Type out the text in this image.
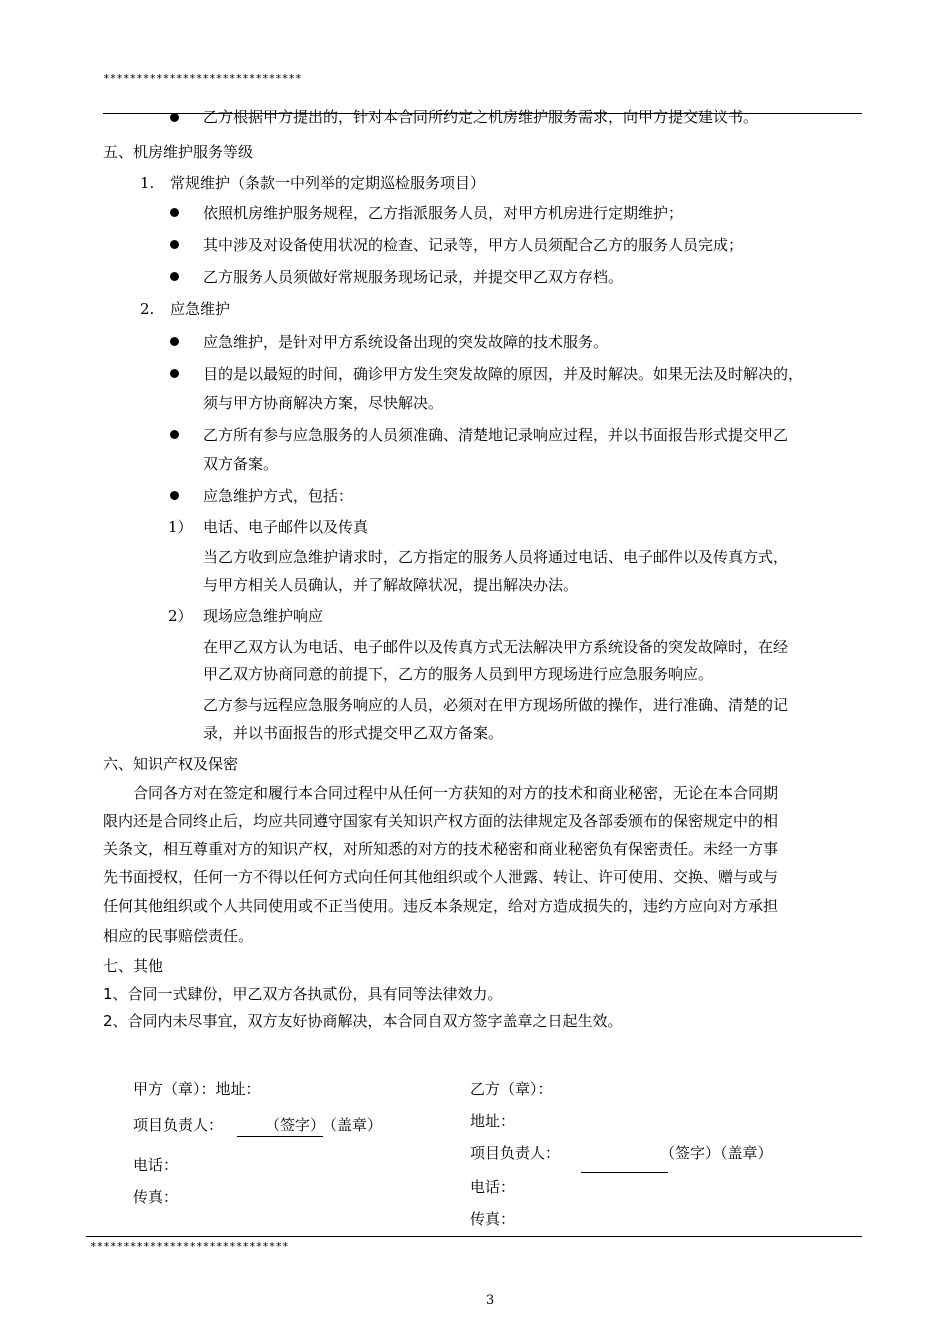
******************************
乙方根据甲方提出的，针对本合同所约定之机房维护服务需求，向甲方提交建议书。
五、机房维护服务等级
1. 常规维护（条款一中列举的定期巡检服务项目）
依照机房维护服务规程，乙方指派服务人员，对甲方机房进行定期维护；
其中涉及对设备使用状况的检查、记录等，甲方人员须配合乙方的服务人员完成；
乙方服务人员须做好常规服务现场记录，并提交甲乙双方存档。
2. 应急维护
应急维护，是针对甲方系统设备出现的突发故障的技术服务。
目的是以最短的时间，确诊甲方发生突发故障的原因，并及时解决。如果无法及时解决的，
须与甲方协商解决方案，尽快解决。
乙方所有参与应急服务的人员须准确、清楚地记录响应过程，并以书面报告形式提交甲乙
双方备案。
应急维护方式，包括：
1） 电话、电子邮件以及传真
当乙方收到应急维护请求时，乙方指定的服务人员将通过电话、电子邮件以及传真方式，
与甲方相关人员确认，并了解故障状况，提出解决办法。
2） 现场应急维护响应
在甲乙双方认为电话、电子邮件以及传真方式无法解决甲方系统设备的突发故障时，在经
甲乙双方协商同意的前提下，乙方的服务人员到甲方现场进行应急服务响应。
乙方参与远程应急服务响应的人员，必须对在甲方现场所做的操作，进行准确、清楚的记
录，并以书面报告的形式提交甲乙双方备案。
六、知识产权及保密
合同各方对在签定和履行本合同过程中从任何一方获知的对方的技术和商业秘密，无论在本合同期
限内还是合同终止后，均应共同遵守国家有关知识产权方面的法律规定及各部委颁布的保密规定中的相
关条文，相互尊重对方的知识产权，对所知悉的对方的技术秘密和商业秘密负有保密责任。未经一方事
先书面授权，任何一方不得以任何方式向任何其他组织或个人泄露、转让、许可使用、交换、赠与或与
任何其他组织或个人共同使用或不正当使用。违反本条规定，给对方造成损失的，违约方应向对方承担
相应的民事赔偿责任。
七、其他
1、合同一式肆份，甲乙双方各执贰份，具有同等法律效力。
2、合同内未尽事宜，双方友好协商解决，本合同自双方签字盖章之日起生效。
甲方（章）：地址：
项目负责人：	（签字）
（盖章）
电话：
传真：
乙方（章）：
地址：
项目负责人：	（签字）（盖章）
电话：
传真：
******************************
3
